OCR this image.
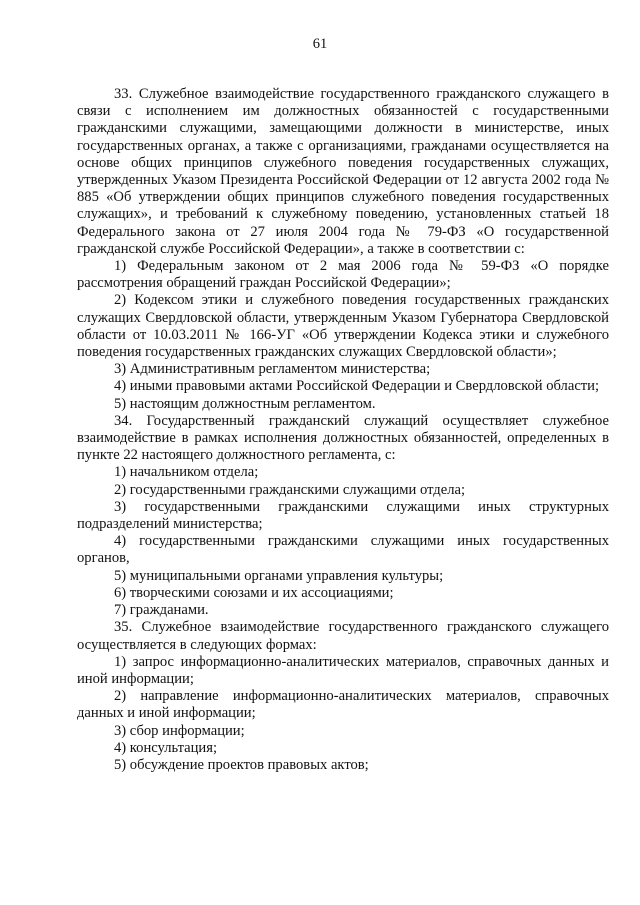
61

33. Служебное взаимодействие государственного гражданского служащего в связи с исполнением им должностных обязанностей с государственными гражданскими служащими, замещающими должности в министерстве, иных государственных органах, а также с организациями, гражданами осуществляется на основе общих принципов служебного поведения государственных служащих, утвержденных Указом Президента Российской Федерации от 12 августа 2002 года № 885 «Об утверждении общих принципов служебного поведения государственных служащих», и требований к служебному поведению, установленных статьей 18 Федерального закона от 27 июля 2004 года № 79-ФЗ «О государственной гражданской службе Российской Федерации», а также в соответствии с:

1) Федеральным законом от 2 мая 2006 года № 59-ФЗ «О порядке рассмотрения обращений граждан Российской Федерации»;

2) Кодексом этики и служебного поведения государственных гражданских служащих Свердловской области, утвержденным Указом Губернатора Свердловской области от 10.03.2011 № 166-УГ «Об утверждении Кодекса этики и служебного поведения государственных гражданских служащих Свердловской области»;

3) Административным регламентом министерства;

4) иными правовыми актами Российской Федерации и Свердловской области;

5) настоящим должностным регламентом.

34. Государственный гражданский служащий осуществляет служебное взаимодействие в рамках исполнения должностных обязанностей, определенных в пункте 22 настоящего должностного регламента, с:

1) начальником отдела;

2) государственными гражданскими служащими отдела;

3) государственными гражданскими служащими иных структурных подразделений министерства;

4) государственными гражданскими служащими иных государственных органов,

5) муниципальными органами управления культуры;

6) творческими союзами и их ассоциациями;

7) гражданами.

35. Служебное взаимодействие государственного гражданского служащего осуществляется в следующих формах:

1) запрос информационно-аналитических материалов, справочных данных и иной информации;

2) направление информационно-аналитических материалов, справочных данных и иной информации;

3) сбор информации;

4) консультация;

5) обсуждение проектов правовых актов;
